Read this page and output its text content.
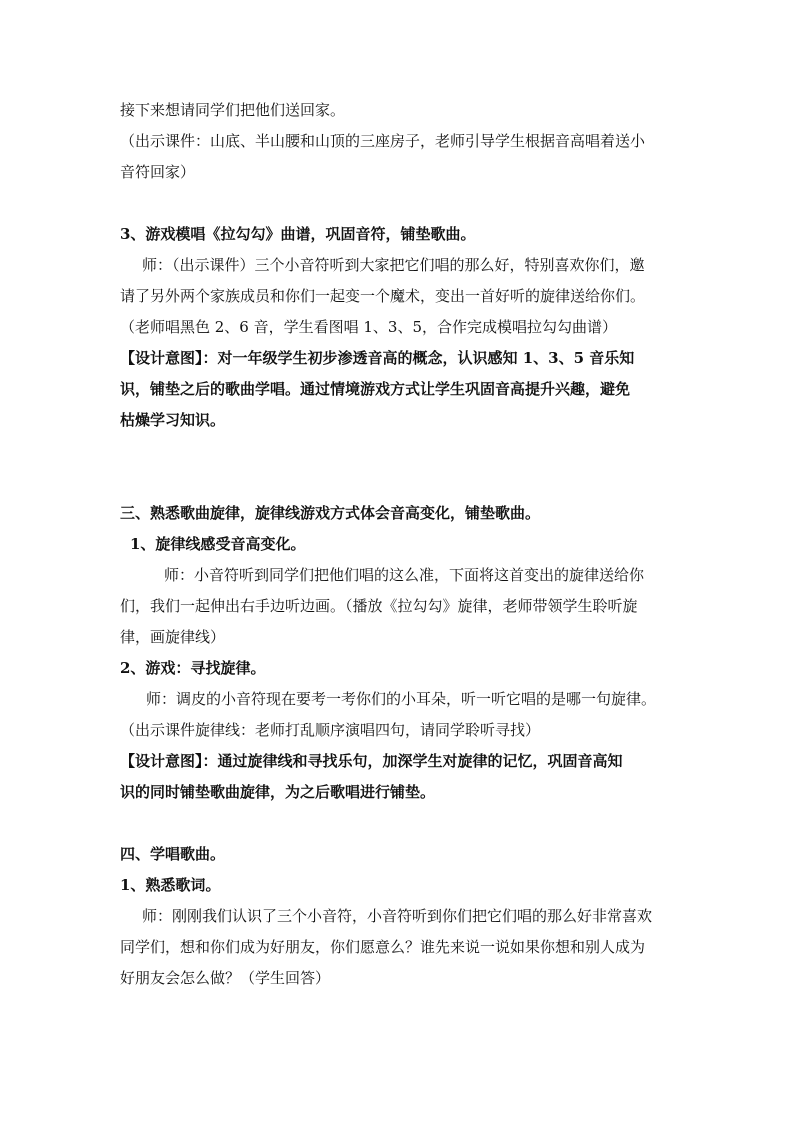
接下来想请同学们把他们送回家。
（出示课件：山底、半山腰和山顶的三座房子，老师引导学生根据音高唱着送小
音符回家）
3、游戏模唱《拉勾勾》曲谱，巩固音符，铺垫歌曲。
师：（出示课件）三个小音符听到大家把它们唱的那么好，特别喜欢你们，邀
请了另外两个家族成员和你们一起变一个魔术，变出一首好听的旋律送给你们。
（老师唱黑色 2、6 音，学生看图唱 1、3、5，合作完成模唱拉勾勾曲谱）
【设计意图】：对一年级学生初步渗透音高的概念，认识感知 1、3、5 音乐知
识，铺垫之后的歌曲学唱。通过情境游戏方式让学生巩固音高提升兴趣，避免
枯燥学习知识。
三、熟悉歌曲旋律，旋律线游戏方式体会音高变化，铺垫歌曲。
1、旋律线感受音高变化。
师：小音符听到同学们把他们唱的这么准，下面将这首变出的旋律送给你
们，我们一起伸出右手边听边画。（播放《拉勾勾》旋律，老师带领学生聆听旋
律，画旋律线）
2、游戏：寻找旋律。
师：调皮的小音符现在要考一考你们的小耳朵，听一听它唱的是哪一句旋律。
（出示课件旋律线：老师打乱顺序演唱四句，请同学聆听寻找）
【设计意图】：通过旋律线和寻找乐句，加深学生对旋律的记忆，巩固音高知
识的同时铺垫歌曲旋律，为之后歌唱进行铺垫。
四、学唱歌曲。
1、熟悉歌词。
师：刚刚我们认识了三个小音符，小音符听到你们把它们唱的那么好非常喜欢
同学们，想和你们成为好朋友，你们愿意么？谁先来说一说如果你想和别人成为
好朋友会怎么做？（学生回答）
